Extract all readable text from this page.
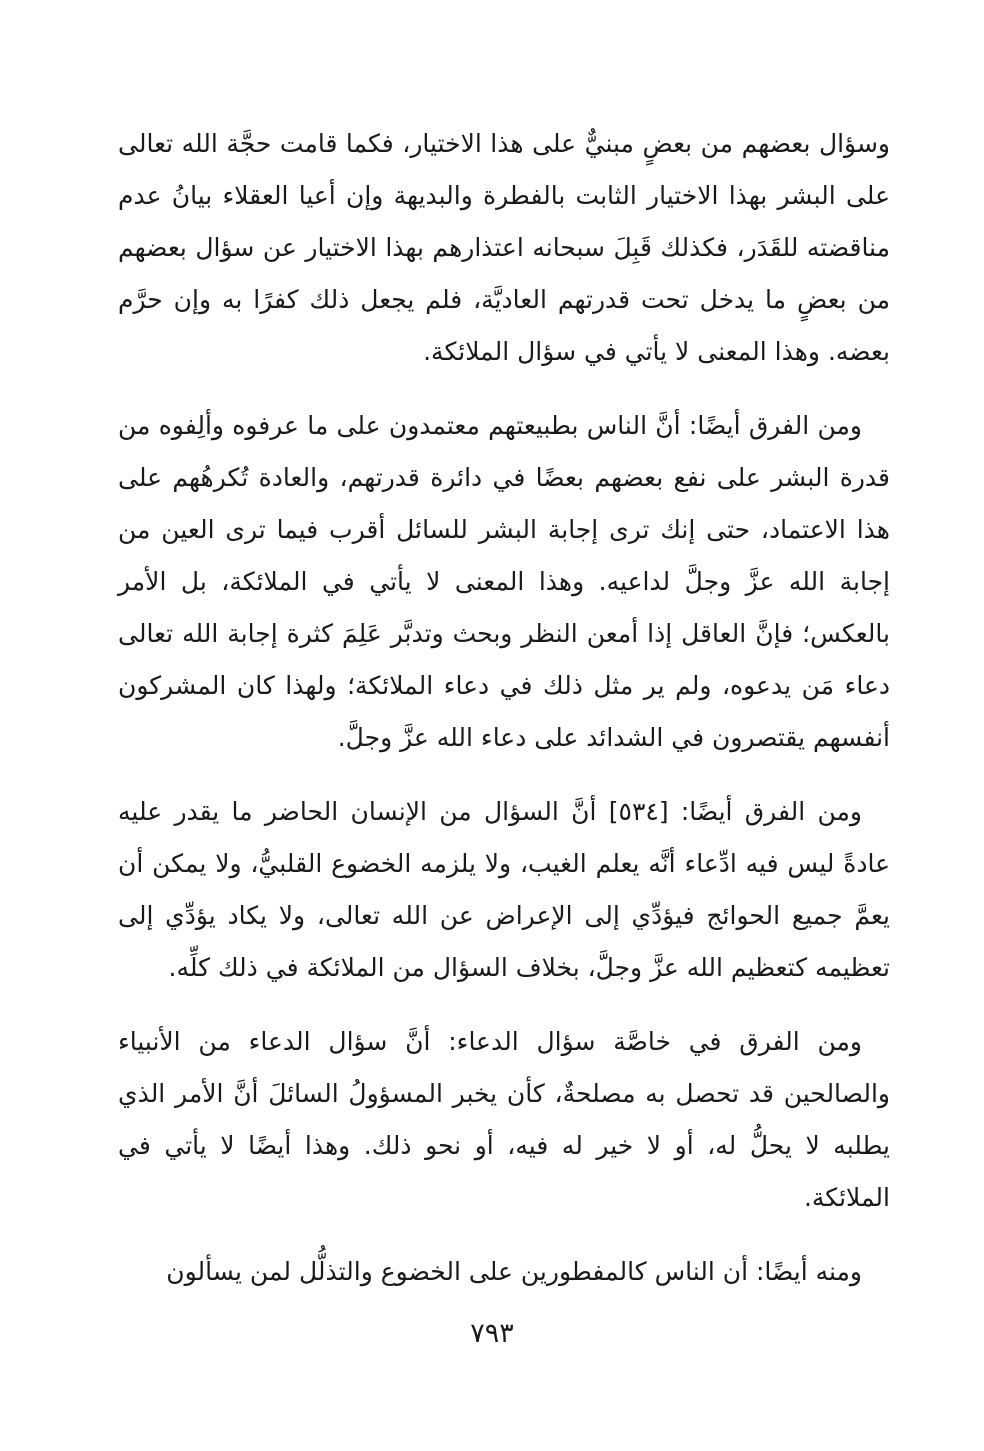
وسؤال بعضهم من بعضٍ مبنيٌّ على هذا الاختيار، فكما قامت حجَّة الله تعالى على البشر بهذا الاختيار الثابت بالفطرة والبديهة وإن أعيا العقلاء بيانُ عدم مناقضته للقَدَر، فكذلك قَبِلَ سبحانه اعتذارهم بهذا الاختيار عن سؤال بعضهم من بعضٍ ما يدخل تحت قدرتهم العاديَّة، فلم يجعل ذلك كفرًا به وإن حرَّم بعضه. وهذا المعنى لا يأتي في سؤال الملائكة.

ومن الفرق أيضًا: أنَّ الناس بطبيعتهم معتمدون على ما عرفوه وألِفوه من قدرة البشر على نفع بعضهم بعضًا في دائرة قدرتهم، والعادة تُكرهُهم على هذا الاعتماد، حتى إنك ترى إجابة البشر للسائل أقرب فيما ترى العين من إجابة الله عزَّ وجلَّ لداعيه. وهذا المعنى لا يأتي في الملائكة، بل الأمر بالعكس؛ فإنَّ العاقل إذا أمعن النظر وبحث وتدبَّر عَلِمَ كثرة إجابة الله تعالى دعاء مَن يدعوه، ولم ير مثل ذلك في دعاء الملائكة؛ ولهذا كان المشركون أنفسهم يقتصرون في الشدائد على دعاء الله عزَّ وجلَّ.

ومن الفرق أيضًا: [٥٣٤] أنَّ السؤال من الإنسان الحاضر ما يقدر عليه عادةً ليس فيه ادِّعاء أنَّه يعلم الغيب، ولا يلزمه الخضوع القلبيُّ، ولا يمكن أن يعمَّ جميع الحوائج فيؤدِّي إلى الإعراض عن الله تعالى، ولا يكاد يؤدِّي إلى تعظيمه كتعظيم الله عزَّ وجلَّ، بخلاف السؤال من الملائكة في ذلك كلِّه.

ومن الفرق في خاصَّة سؤال الدعاء: أنَّ سؤال الدعاء من الأنبياء والصالحين قد تحصل به مصلحةٌ، كأن يخبر المسؤولُ السائلَ أنَّ الأمر الذي يطلبه لا يحلُّ له، أو لا خير له فيه، أو نحو ذلك. وهذا أيضًا لا يأتي في الملائكة.

ومنه أيضًا: أن الناس كالمفطورين على الخضوع والتذلُّل لمن يسألون

٧٩٣
